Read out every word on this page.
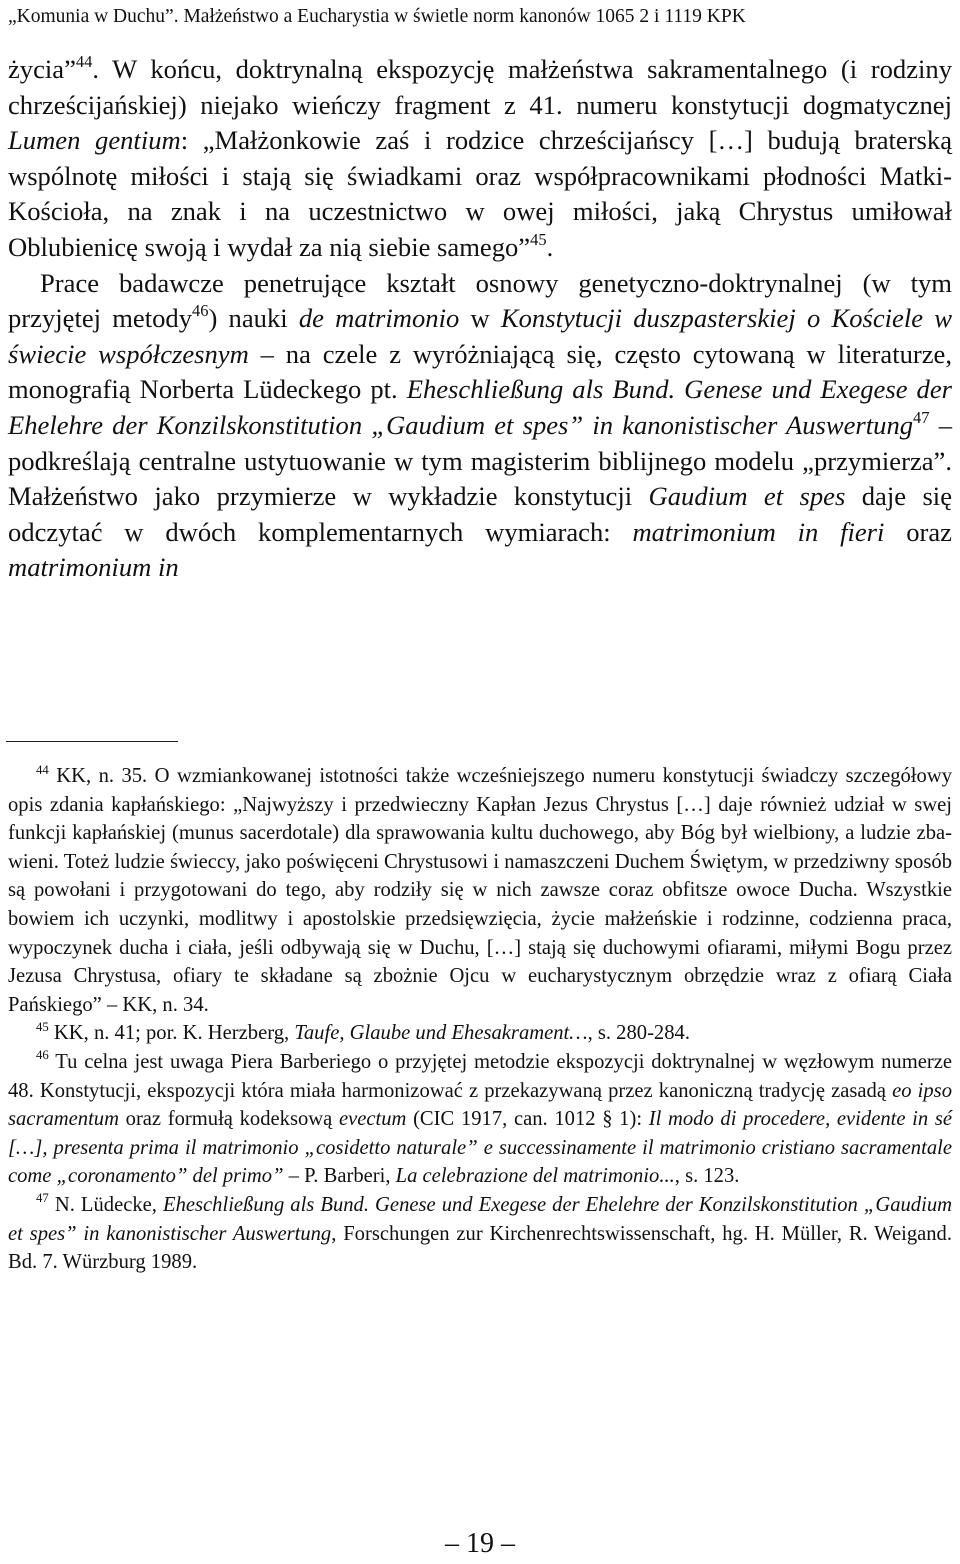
„Komunia w Duchu”. Małżeństwo a Eucharystia w świetle norm kanonów 1065 2 i 1119 KPK

życia”$^{44}$. W końcu, doktrynalną ekspozycję małżeństwa sakramentalnego (i rodziny chrześcijańskiej) niejako wieńczy fragment z 41. numeru konstytucji dogmatycznej Lumen gentium: „Małżonkowie zaś i rodzice chrześcijańscy […] budują braterską wspólnotę miłości i stają się świadkami oraz współpracownikami płodności Matki-Kościoła, na znak i na uczestnictwo w owej miłości, jaką Chrystus umiłował Oblubienicę swoją i wydał za nią siebie samego”$^{45}$.

Prace badawcze penetrujące kształt osnowy genetyczno-doktrynalnej (w tym przyjętej metody$^{46}$) nauki de matrimonio w Konstytucji duszpasterskiej o Kościele w świecie współczesnym – na czele z wyróżniającą się, często cytowaną w literaturze, monografią Norberta Lüdeckego pt. Eheschließung als Bund. Genese und Exegese der Ehelehre der Konzilskonstitution „Gaudium et spes” in kanonistischer Auswertung$^{47}$ – podkreślają centralne ustytuowanie w tym magisterim biblijnego modelu „przymierza”. Małżeństwo jako przymierze w wykładzie konstytucji Gaudium et spes daje się odczytać w dwóch komplementarnych wymiarach: matrimonium in fieri oraz matrimonium in

$^{44}$ KK, n. 35. O wzmiankowanej istotności także wcześniejszego numeru konstytucji świadczy szczegółowy opis zdania kapłańskiego: „Najwyższy i przedwieczny Kapłan Jezus Chrystus […] daje również udział w swej funkcji kapłańskiej (munus sacerdotale) dla sprawowania kultu duchowego, aby Bóg był wielbiony, a ludzie zbawieni. Toteż ludzie świeccy, jako poświęceni Chrystusowi i namaszczeni Duchem Świętym, w przedziwny sposób są powołani i przygotowani do tego, aby rodziły się w nich zawsze coraz obfitsze owoce Ducha. Wszystkie bowiem ich uczynki, modlitwy i apostolskie przedsięwzięcia, życie małżeńskie i rodzinne, codzienna praca, wypoczynek ducha i ciała, jeśli odbywają się w Duchu, […] stają się duchowymi ofiarami, miłymi Bogu przez Jezusa Chrystusa, ofiary te składane są zbożnie Ojcu w eucharystycznym obrzędzie wraz z ofiarą Ciała Pańskiego” – KK, n. 34.

$^{45}$ KK, n. 41; por. K. Herzberg, Taufe, Glaube und Ehesakrament…, s. 280-284.

$^{46}$ Tu celna jest uwaga Piera Barberiego o przyjętej metodzie ekspozycji doktrynalnej w węzłowym numerze 48. Konstytucji, ekspozycji która miała harmonizować z przekazywaną przez kanoniczną tradycję zasadą eo ipso sacramentum oraz formułą kodeksową evectum (CIC 1917, can. 1012 § 1): Il modo di procedere, evidente in sé […], presenta prima il matrimonio „cosidetto naturale” e successinamente il matrimonio cristiano sacramentale come „coronamento” del primo” – P. Barberi, La celebrazione del matrimonio..., s. 123.

$^{47}$ N. Lüdecke, Eheschließung als Bund. Genese und Exegese der Ehelehre der Konzilskonstitution „Gaudium et spes” in kanonistischer Auswertung, Forschungen zur Kirchenrechtswissenschaft, hg. H. Müller, R. Weigand. Bd. 7. Würzburg 1989.

– 19 –
